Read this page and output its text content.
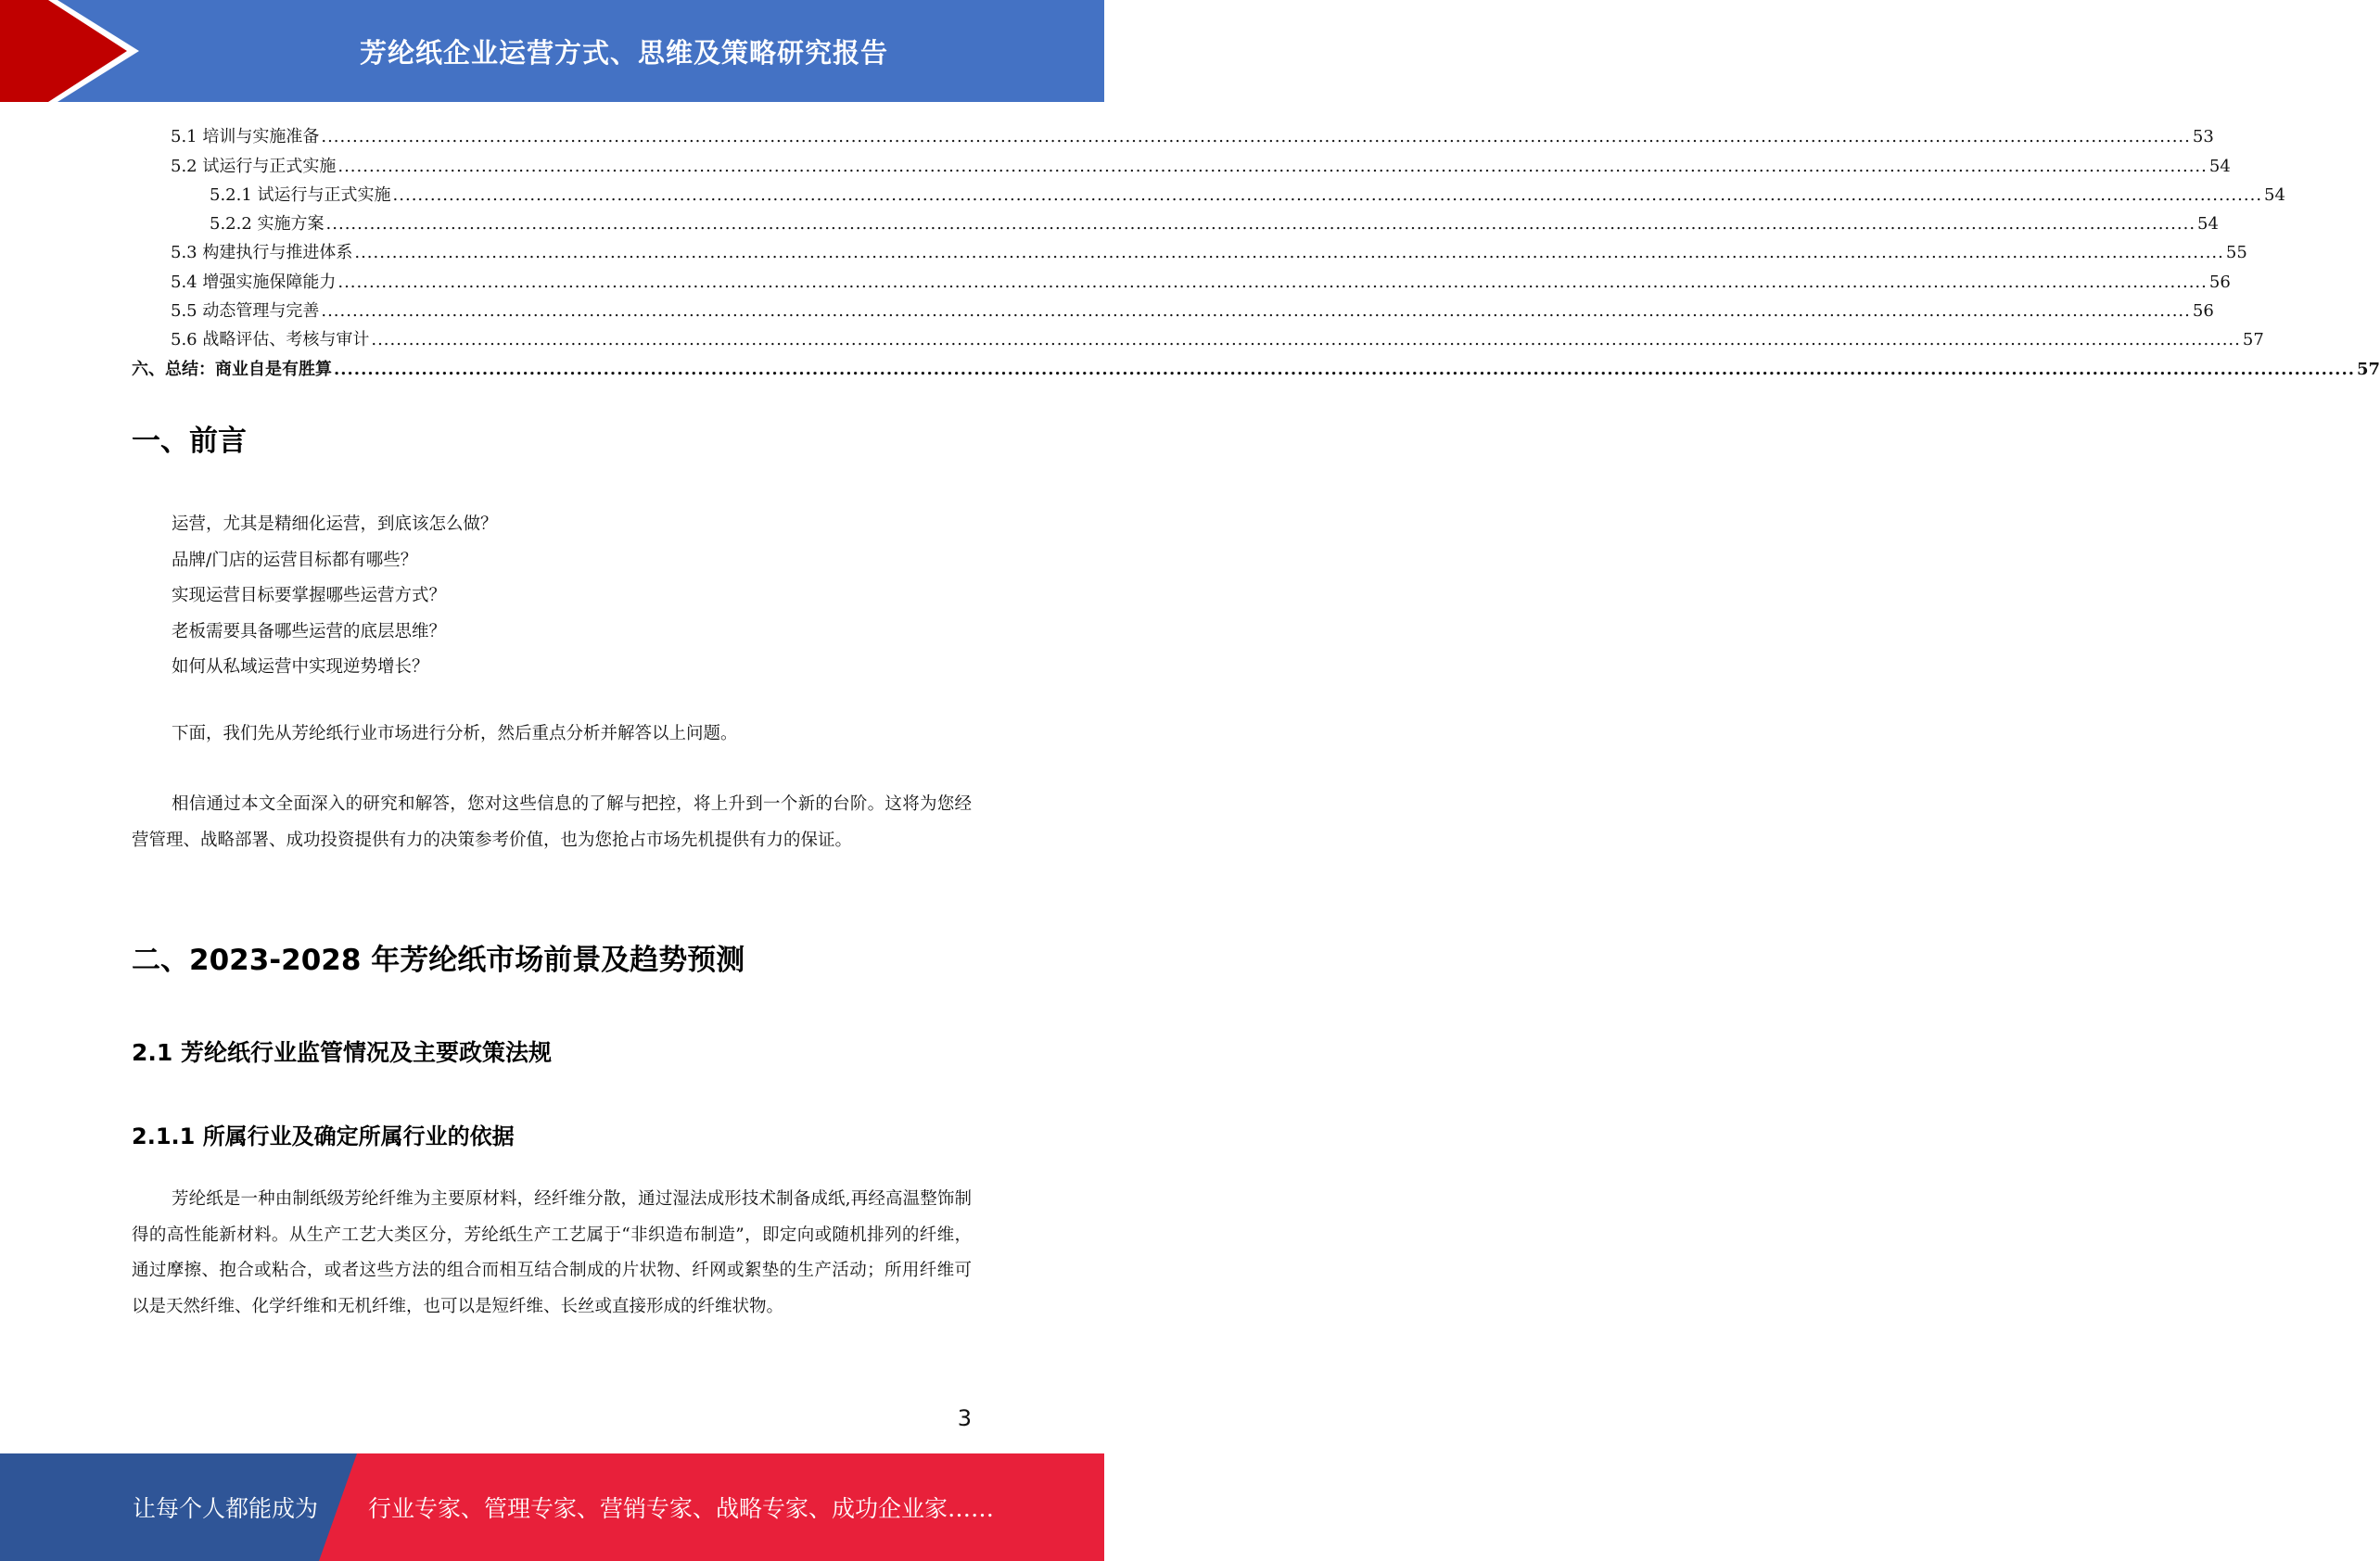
芳纶纸企业运营方式、思维及策略研究报告
5.1 培训与实施准备 ............................................................................................................................................................................................................................................................................................................ 53
5.2 试运行与正式实施 ............................................................................................................................................................................................................................................................................................................ 54
5.2.1 试运行与正式实施 ............................................................................................................................................................................................................................................................................................................ 54
5.2.2 实施方案 ............................................................................................................................................................................................................................................................................................................ 54
5.3 构建执行与推进体系 ............................................................................................................................................................................................................................................................................................................ 55
5.4 增强实施保障能力 ............................................................................................................................................................................................................................................................................................................ 56
5.5 动态管理与完善 ............................................................................................................................................................................................................................................................................................................ 56
5.6 战略评估、考核与审计 ............................................................................................................................................................................................................................................................................................................ 57
六、总结：商业自是有胜算 ............................................................................................................................................................................................................................................................................................................ 57
一、前言
运营，尤其是精细化运营，到底该怎么做？
品牌/门店的运营目标都有哪些？
实现运营目标要掌握哪些运营方式？
老板需要具备哪些运营的底层思维？
如何从私域运营中实现逆势增长？

下面，我们先从芳纶纸行业市场进行分析，然后重点分析并解答以上问题。

相信通过本文全面深入的研究和解答，您对这些信息的了解与把控，将上升到一个新的台阶。这将为您经营管理、战略部署、成功投资提供有力的决策参考价值，也为您抢占市场先机提供有力的保证。

二、2023-2028 年芳纶纸市场前景及趋势预测
2.1 芳纶纸行业监管情况及主要政策法规
2.1.1 所属行业及确定所属行业的依据

芳纶纸是一种由制纸级芳纶纤维为主要原材料，经纤维分散，通过湿法成形技术制备成纸,再经高温整饰制得的高性能新材料。从生产工艺大类区分，芳纶纸生产工艺属于“非织造布制造”，即定向或随机排列的纤维，通过摩擦、抱合或粘合，或者这些方法的组合而相互结合制成的片状物、纤网或絮垫的生产活动；所用纤维可以是天然纤维、化学纤维和无机纤维，也可以是短纤维、长丝或直接形成的纤维状物。

3
让每个人都能成为 行业专家、管理专家、营销专家、战略专家、成功企业家……
